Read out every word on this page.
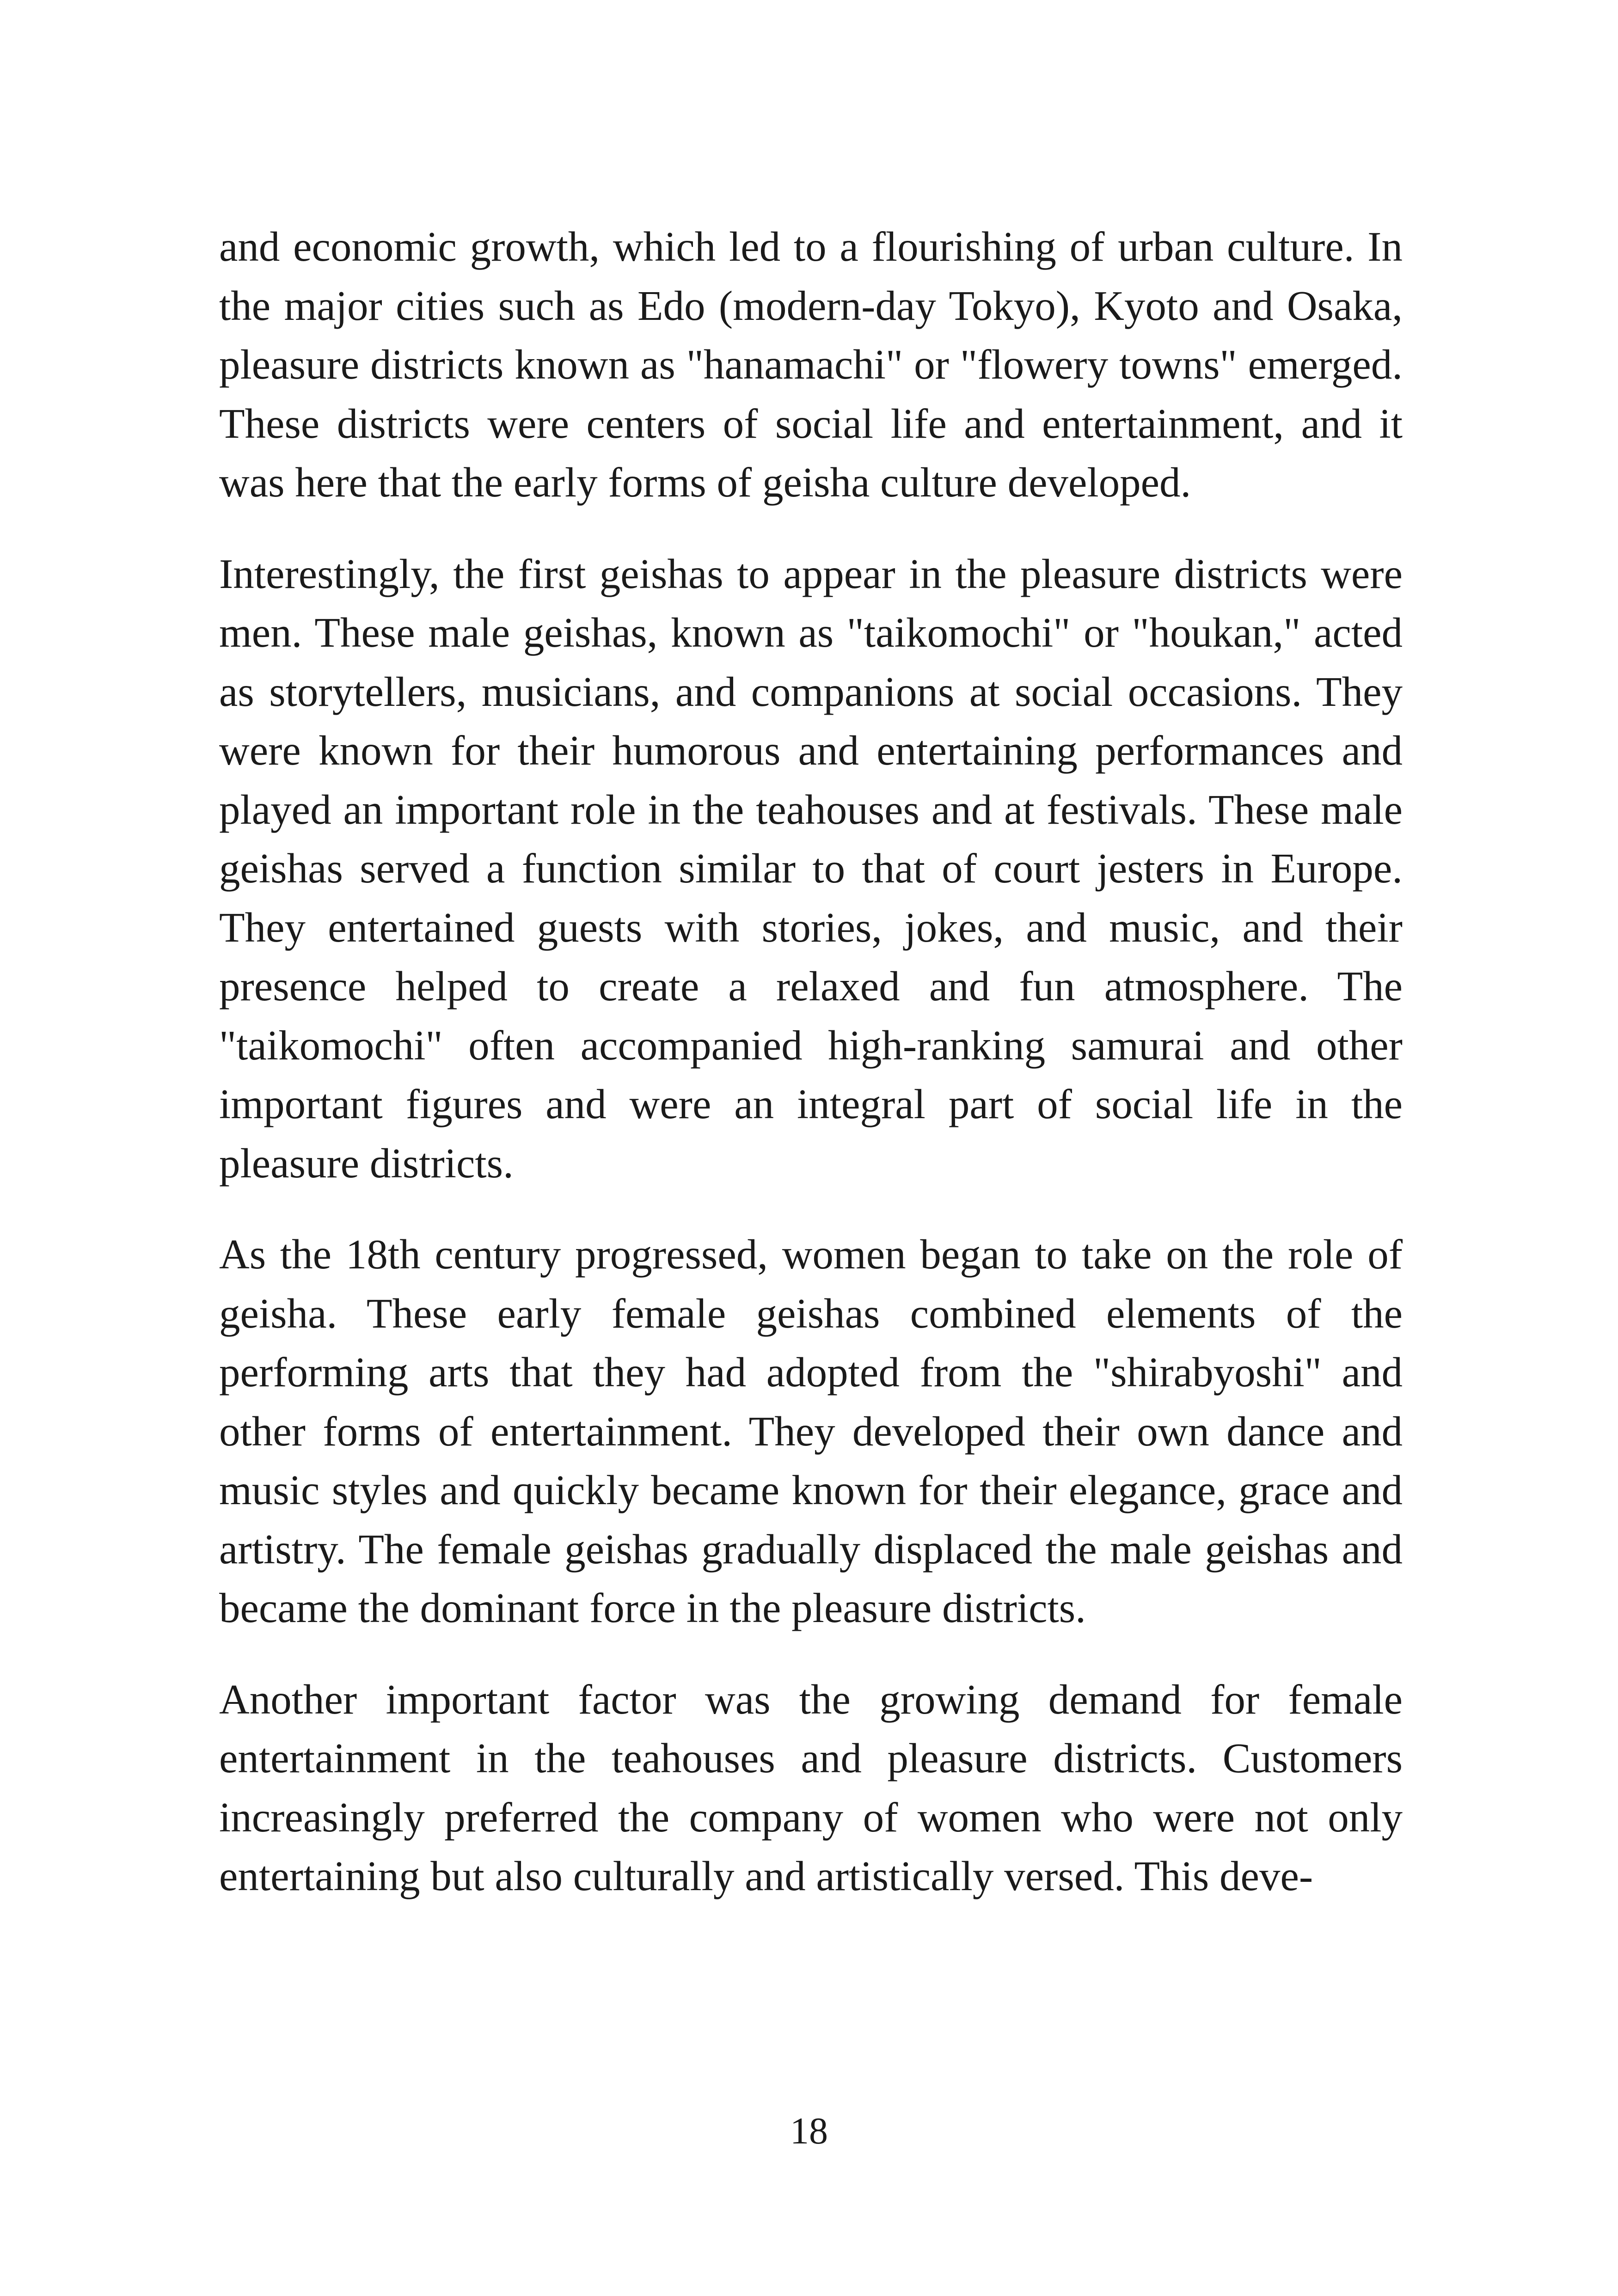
and economic growth, which led to a flourishing of urban culture. In the major cities such as Edo (modern-day Tokyo), Kyoto and Osaka, pleasure districts known as "hanamachi" or "flowery towns" emerged. These districts were centers of social life and entertainment, and it was here that the early forms of geisha culture developed.

Interestingly, the first geishas to appear in the pleasure districts were men. These male geishas, known as "taikomochi" or "houkan," acted as storytellers, musicians, and companions at social occasions. They were known for their humorous and entertaining performances and played an important role in the teahouses and at festivals. These male geishas served a function similar to that of court jesters in Europe. They entertained guests with stories, jokes, and music, and their presence helped to create a relaxed and fun atmosphere. The "taikomochi" often accompanied high-ranking samurai and other important figures and were an integral part of social life in the pleasure districts.

As the 18th century progressed, women began to take on the role of geisha. These early female geishas combined elements of the performing arts that they had adopted from the "shirabyoshi" and other forms of entertainment. They developed their own dance and music styles and quickly became known for their elegance, grace and artistry. The female geishas gradually displaced the male geishas and became the dominant force in the pleasure districts.

Another important factor was the growing demand for female entertainment in the teahouses and pleasure districts. Customers increasingly preferred the company of women who were not only entertaining but also culturally and artistically versed. This deve-

18
